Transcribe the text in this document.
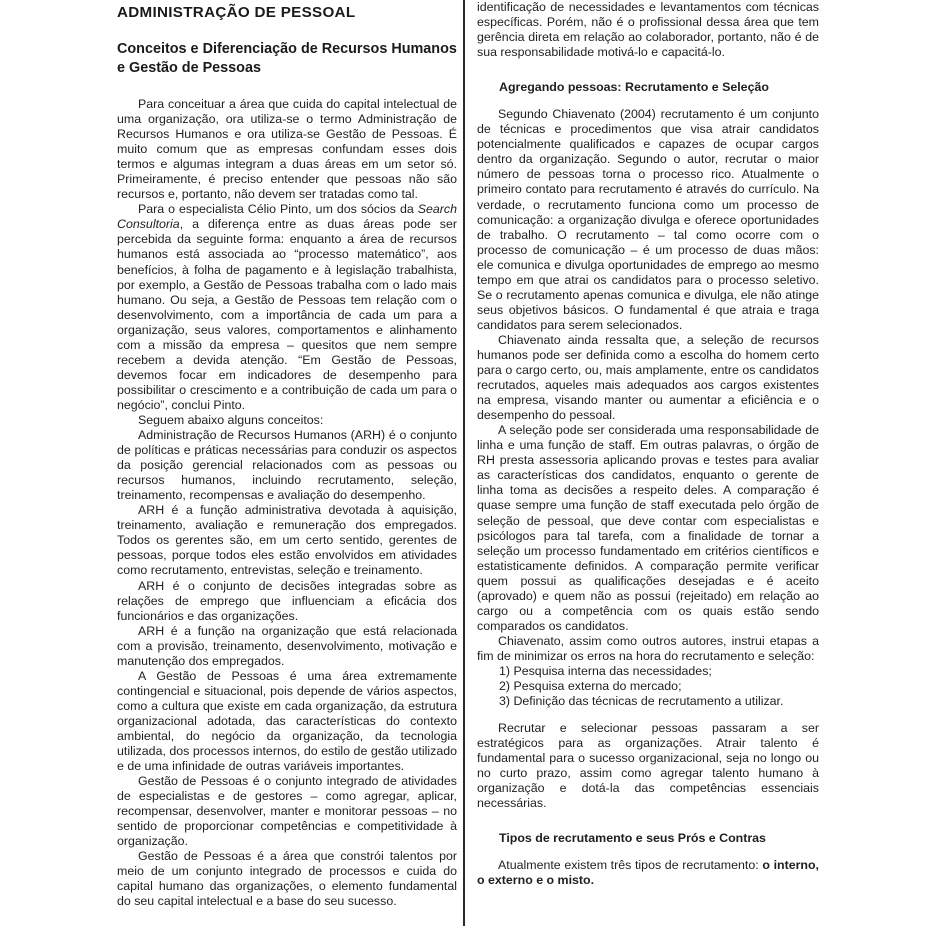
ADMINISTRAÇÃO DE PESSOAL
Conceitos e Diferenciação de Recursos Humanos e Gestão de Pessoas

Para conceituar a área que cuida do capital intelectual de uma organização, ora utiliza-se o termo Administração de Recursos Humanos e ora utiliza-se Gestão de Pessoas. É muito comum que as empresas confundam esses dois termos e algumas integram a duas áreas em um setor só. Primeiramente, é preciso entender que pessoas não são recursos e, portanto, não devem ser tratadas como tal.

Para o especialista Célio Pinto, um dos sócios da Search Consultoria, a diferença entre as duas áreas pode ser percebida da seguinte forma: enquanto a área de recursos humanos está associada ao “processo matemático”, aos benefícios, à folha de pagamento e à legislação trabalhista, por exemplo, a Gestão de Pessoas trabalha com o lado mais humano. Ou seja, a Gestão de Pessoas tem relação com o desenvolvimento, com a importância de cada um para a organização, seus valores, comportamentos e alinhamento com a missão da empresa – quesitos que nem sempre recebem a devida atenção. “Em Gestão de Pessoas, devemos focar em indicadores de desempenho para possibilitar o crescimento e a contribuição de cada um para o negócio”, conclui Pinto.

Seguem abaixo alguns conceitos:

Administração de Recursos Humanos (ARH) é o conjunto de políticas e práticas necessárias para conduzir os aspectos da posição gerencial relacionados com as pessoas ou recursos humanos, incluindo recrutamento, seleção, treinamento, recompensas e avaliação do desempenho.

ARH é a função administrativa devotada à aquisição, treinamento, avaliação e remuneração dos empregados. Todos os gerentes são, em um certo sentido, gerentes de pessoas, porque todos eles estão envolvidos em atividades como recrutamento, entrevistas, seleção e treinamento.

ARH é o conjunto de decisões integradas sobre as relações de emprego que influenciam a eficácia dos funcionários e das organizações.

ARH é a função na organização que está relacionada com a provisão, treinamento, desenvolvimento, motivação e manutenção dos empregados.

A Gestão de Pessoas é uma área extremamente contingencial e situacional, pois depende de vários aspectos, como a cultura que existe em cada organização, da estrutura organizacional adotada, das características do contexto ambiental, do negócio da organização, da tecnologia utilizada, dos processos internos, do estilo de gestão utilizado e de uma infinidade de outras variáveis importantes.

Gestão de Pessoas é o conjunto integrado de atividades de especialistas e de gestores – como agregar, aplicar, recompensar, desenvolver, manter e monitorar pessoas – no sentido de proporcionar competências e competitividade à organização.

Gestão de Pessoas é a área que constrói talentos por meio de um conjunto integrado de processos e cuida do capital humano das organizações, o elemento fundamental do seu capital intelectual e a base do seu sucesso.

identificação de necessidades e levantamentos com técnicas específicas. Porém, não é o profissional dessa área que tem gerência direta em relação ao colaborador, portanto, não é de sua responsabilidade motivá-lo e capacitá-lo.

Agregando pessoas: Recrutamento e Seleção

Segundo Chiavenato (2004) recrutamento é um conjunto de técnicas e procedimentos que visa atrair candidatos potencialmente qualificados e capazes de ocupar cargos dentro da organização. Segundo o autor, recrutar o maior número de pessoas torna o processo rico. Atualmente o primeiro contato para recrutamento é através do currículo. Na verdade, o recrutamento funciona como um processo de comunicação: a organização divulga e oferece oportunidades de trabalho. O recrutamento – tal como ocorre com o processo de comunicação – é um processo de duas mãos: ele comunica e divulga oportunidades de emprego ao mesmo tempo em que atrai os candidatos para o processo seletivo. Se o recrutamento apenas comunica e divulga, ele não atinge seus objetivos básicos. O fundamental é que atraia e traga candidatos para serem selecionados.

Chiavenato ainda ressalta que, a seleção de recursos humanos pode ser definida como a escolha do homem certo para o cargo certo, ou, mais amplamente, entre os candidatos recrutados, aqueles mais adequados aos cargos existentes na empresa, visando manter ou aumentar a eficiência e o desempenho do pessoal.

A seleção pode ser considerada uma responsabilidade de linha e uma função de staff. Em outras palavras, o órgão de RH presta assessoria aplicando provas e testes para avaliar as características dos candidatos, enquanto o gerente de linha toma as decisões a respeito deles. A comparação é quase sempre uma função de staff executada pelo órgão de seleção de pessoal, que deve contar com especialistas e psicólogos para tal tarefa, com a finalidade de tornar a seleção um processo fundamentado em critérios científicos e estatisticamente definidos. A comparação permite verificar quem possui as qualificações desejadas e é aceito (aprovado) e quem não as possui (rejeitado) em relação ao cargo ou a competência com os quais estão sendo comparados os candidatos.

Chiavenato, assim como outros autores, instrui etapas a fim de minimizar os erros na hora do recrutamento e seleção:

1) Pesquisa interna das necessidades;
2) Pesquisa externa do mercado;
3) Definição das técnicas de recrutamento a utilizar.

Recrutar e selecionar pessoas passaram a ser estratégicos para as organizações. Atrair talento é fundamental para o sucesso organizacional, seja no longo ou no curto prazo, assim como agregar talento humano à organização e dotá-la das competências essenciais necessárias.

Tipos de recrutamento e seus Prós e Contras

Atualmente existem três tipos de recrutamento: o interno, o externo e o misto.
